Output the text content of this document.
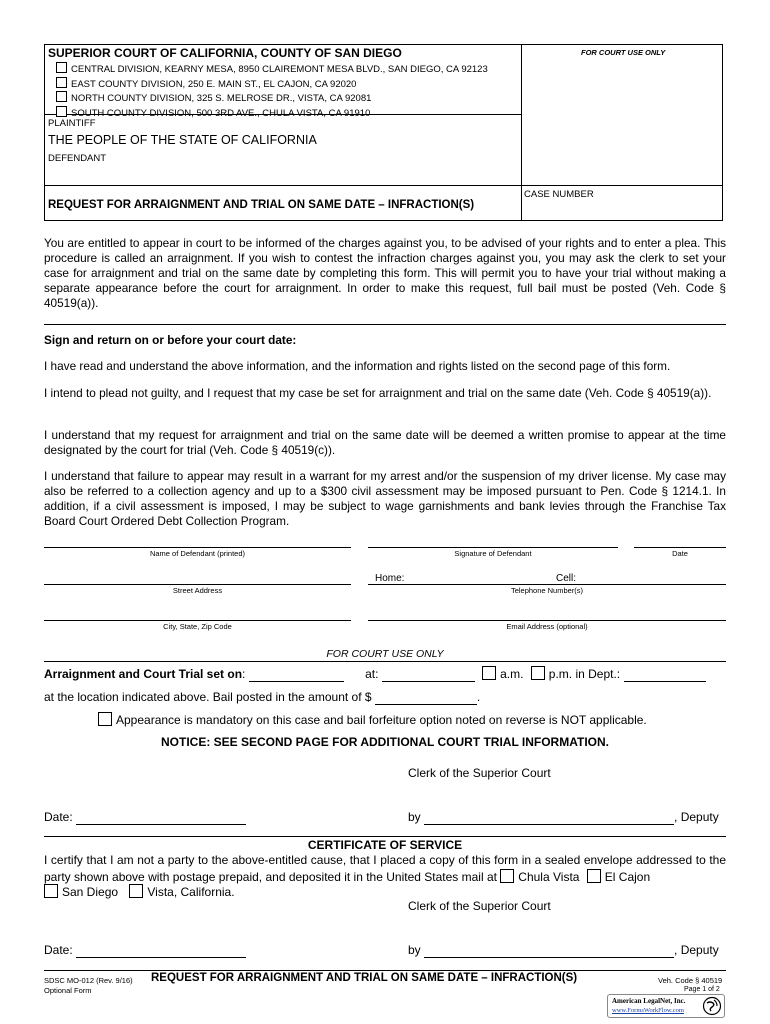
SUPERIOR COURT OF CALIFORNIA, COUNTY OF SAN DIEGO	FOR COURT USE ONLY
CENTRAL DIVISION, KEARNY MESA, 8950 CLAIREMONT MESA BLVD., SAN DIEGO, CA 92123
EAST COUNTY DIVISION, 250 E. MAIN ST., EL CAJON, CA 92020
NORTH COUNTY DIVISION, 325 S. MELROSE DR., VISTA, CA 92081
SOUTH COUNTY DIVISION, 500 3RD AVE., CHULA VISTA, CA 91910
PLAINTIFF
THE PEOPLE OF THE STATE OF CALIFORNIA
DEFENDANT
REQUEST FOR ARRAIGNMENT AND TRIAL ON SAME DATE – INFRACTION(S)
CASE NUMBER
You are entitled to appear in court to be informed of the charges against you, to be advised of your rights and to enter a plea. This procedure is called an arraignment. If you wish to contest the infraction charges against you, you may ask the clerk to set your case for arraignment and trial on the same date by completing this form. This will permit you to have your trial without making a separate appearance before the court for arraignment. In order to make this request, full bail must be posted (Veh. Code § 40519(a)).
Sign and return on or before your court date:
I have read and understand the above information, and the information and rights listed on the second page of this form.
I intend to plead not guilty, and I request that my case be set for arraignment and trial on the same date (Veh. Code § 40519(a)).
I understand that my request for arraignment and trial on the same date will be deemed a written promise to appear at the time designated by the court for trial (Veh. Code § 40519(c)).
I understand that failure to appear may result in a warrant for my arrest and/or the suspension of my driver license. My case may also be referred to a collection agency and up to a $300 civil assessment may be imposed pursuant to Pen. Code § 1214.1. In addition, if a civil assessment is imposed, I may be subject to wage garnishments and bank levies through the Franchise Tax Board Court Ordered Debt Collection Program.
Name of Defendant (printed)	Signature of Defendant	Date
Home:	Cell:
Street Address	Telephone Number(s)
City, State, Zip Code	Email Address (optional)
FOR COURT USE ONLY
Arraignment and Court Trial set on:	at:	a.m. p.m. in Dept.:
at the location indicated above. Bail posted in the amount of $	.
Appearance is mandatory on this case and bail forfeiture option noted on reverse is NOT applicable.
NOTICE: SEE SECOND PAGE FOR ADDITIONAL COURT TRIAL INFORMATION.
Clerk of the Superior Court
Date:	by	, Deputy
CERTIFICATE OF SERVICE
I certify that I am not a party to the above-entitled cause, that I placed a copy of this form in a sealed envelope addressed to the party shown above with postage prepaid, and deposited it in the United States mail at Chula Vista El Cajon
San Diego Vista, California.
Clerk of the Superior Court
Date:	by	, Deputy
SDSC MO-012 (Rev. 9/16)
Optional Form
REQUEST FOR ARRAIGNMENT AND TRIAL ON SAME DATE – INFRACTION(S)	Veh. Code § 40519
Page 1 of 2
American LegalNet, Inc.
www.FormsWorkFlow.com
